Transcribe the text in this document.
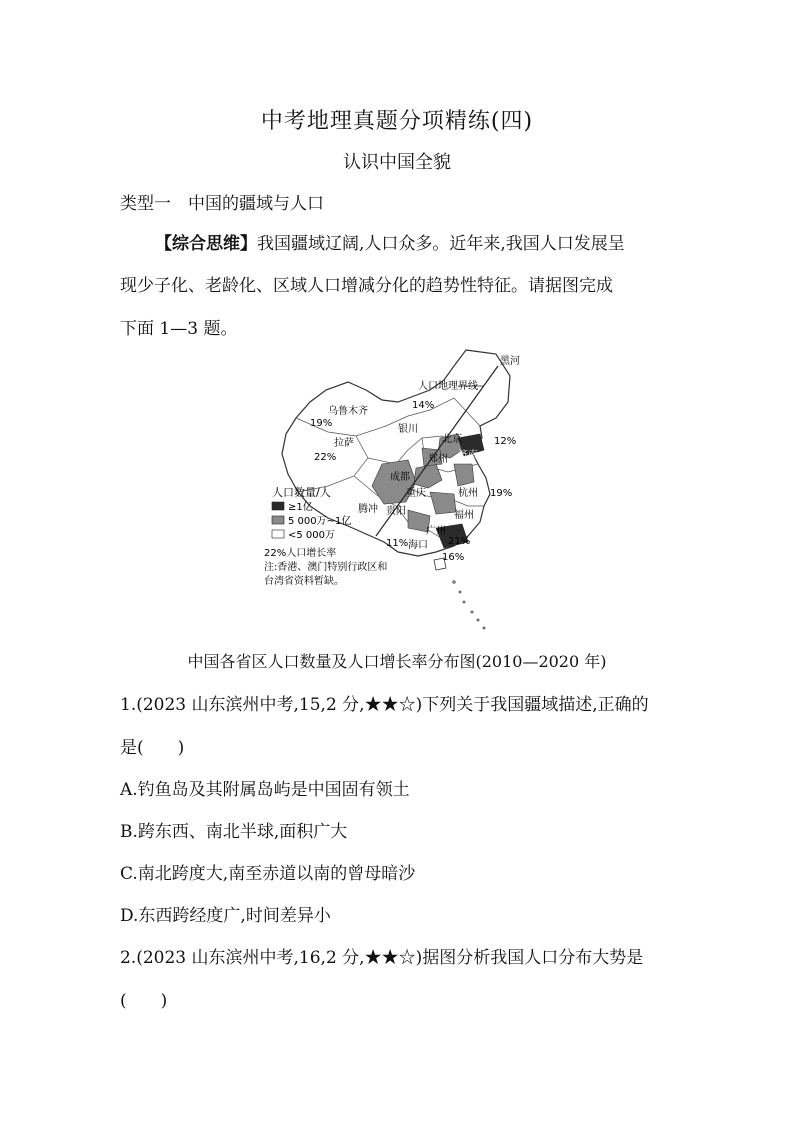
中考地理真题分项精练(四)
认识中国全貌
类型一　中国的疆域与人口
【综合思维】我国疆域辽阔,人口众多。近年来,我国人口发展呈
现少子化、老龄化、区域人口增减分化的趋势性特征。请据图完成
下面 1—3 题。
人口地理界线
黑河
乌鲁木齐
拉萨
银川
北京
济南
郑州
成都
重庆	杭州
贵阳	福州
广州
海口
腾冲
14%
19%
22%
12%
19%
21%
11%
16%
人口数量/人
≥1亿
5 000万~1亿
<5 000万
22%人口增长率
注:香港、澳门特别行政区和
台湾省资料暂缺。
中国各省区人口数量及人口增长率分布图(2010—2020 年)
1.(2023 山东滨州中考,15,2 分,★★☆)下列关于我国疆域描述,正确的
是(　　)
A.钓鱼岛及其附属岛屿是中国固有领土
B.跨东西、南北半球,面积广大
C.南北跨度大,南至赤道以南的曾母暗沙
D.东西跨经度广,时间差异小
2.(2023 山东滨州中考,16,2 分,★★☆)据图分析我国人口分布大势是
(　　)
